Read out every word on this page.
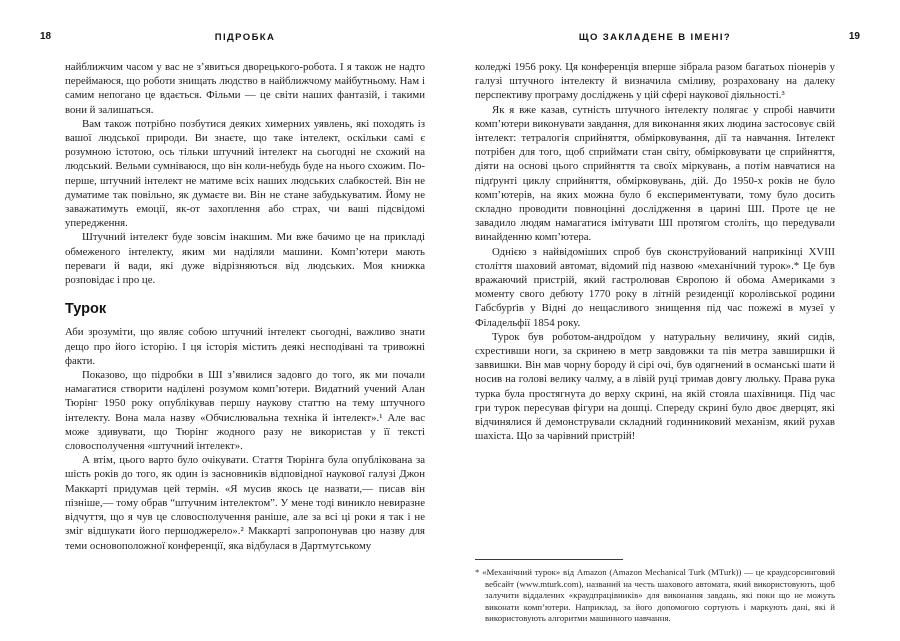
18	ПІДРОБКА

найближчим часом у вас не з’явиться дворецького-робота. І я також не надто переймаюся, що роботи знищать людство в найближчому майбутньому. Нам і самим непогано це вдається. Фільми — це світи наших фантазій, і такими вони й залишаться.

Вам також потрібно позбутися деяких химерних уявлень, які походять із вашої людської природи. Ви знаєте, що таке інтелект, оскільки самі є розумною істотою, ось тільки штучний інтелект на сьогодні не схожий на людський. Вельми сумніваюся, що він коли-небудь буде на нього схожим. По-перше, штучний інтелект не матиме всіх наших людських слабкостей. Він не думатиме так повільно, як думаєте ви. Він не стане забудькуватим. Йому не заважатимуть емоції, як-от захоплення або страх, чи ваші підсвідомі упередження.

Штучний інтелект буде зовсім інакшим. Ми вже бачимо це на прикладі обмеженого інтелекту, яким ми наділяли машини. Комп’ютери мають переваги й вади, які дуже відрізняються від людських. Моя книжка розповідає і про це.

Турок

Аби зрозуміти, що являє собою штучний інтелект сьогодні, важливо знати дещо про його історію. І ця історія містить деякі несподівані та тривожні факти.

Показово, що підробки в ШІ з’явилися задовго до того, як ми почали намагатися створити наділені розумом комп’ютери. Видатний учений Алан Тюрінг 1950 року опублікував першу наукову статтю на тему штучного інтелекту. Вона мала назву «Обчислювальна техніка й інтелект».¹ Але вас може здивувати, що Тюрінг жодного разу не використав у її тексті словосполучення «штучний інтелект».

А втім, цього варто було очікувати. Стаття Тюрінга була опублікована за шість років до того, як один із засновників відповідної наукової галузі Джон Маккарті придумав цей термін. «Я мусив якось це назвати,— писав він пізніше,— тому обрав “штучним інтелектом”. У мене тоді виникло невиразне відчуття, що я чув це словосполучення раніше, але за всі ці роки я так і не зміг відшукати його першоджерело».² Маккарті запропонував цю назву для теми основоположної конференції, яка відбулася в Дартмутському

19
ЩО ЗАКЛАДЕНЕ В ІМЕНІ?

коледжі 1956 року. Ця конференція вперше зібрала разом багатьох піонерів у галузі штучного інтелекту й визначила сміливу, розраховану на далеку перспективу програму досліджень у цій сфері наукової діяльності.³

Як я вже казав, сутність штучного інтелекту полягає у спробі навчити комп’ютери виконувати завдання, для виконання яких людина застосовує свій інтелект: тетралогія сприйняття, обмірковування, дії та навчання. Інтелект потрібен для того, щоб сприймати стан світу, обмірковувати це сприйняття, діяти на основі цього сприйняття та своїх міркувань, а потім навчатися на підґрунті циклу сприйняття, обмірковувань, дій. До 1950-х років не було комп’ютерів, на яких можна було б експериментувати, тому було досить складно проводити повноцінні дослідження в царині ШІ. Проте це не завадило людям намагатися імітувати ШІ протягом століть, що передували винайденню комп’ютера.

Однією з найвідоміших спроб був сконструйований наприкінці XVIII століття шаховий автомат, відомий під назвою «механічний турок».* Це був вражаючий пристрій, який гастролював Європою й обома Америками з моменту свого дебюту 1770 року в літній резиденції королівської родини Габсбурґів у Відні до нещасливого знищення під час пожежі в музеї у Філадельфії 1854 року.

Турок був роботом-андроїдом у натуральну величину, який сидів, схрестивши ноги, за скринею в метр завдовжки та пів метра завширшки й заввишки. Він мав чорну бороду й сірі очі, був одягнений в османські шати й носив на голові велику чалму, а в лівій руці тримав довгу люльку. Права рука турка була простягнута до верху скрині, на якій стояла шахівниця. Під час гри турок пересував фігури на дошці. Спереду скрині було двоє дверцят, які відчинялися й демонстрували складний годинниковий механізм, який рухав шахіста. Що за чарівний пристрій!

* «Механічний турок» від Amazon (Amazon Mechanical Turk (MTurk)) — це краудсорсинговий вебсайт (www.mturk.com), названий на честь шахового автомата, який використовують, щоб залучити віддалених «краудпрацівників» для виконання завдань, які поки що не можуть виконати комп’ютери. Наприклад, за його допомогою сортують і маркують дані, які й використовують алгоритми машинного навчання.
